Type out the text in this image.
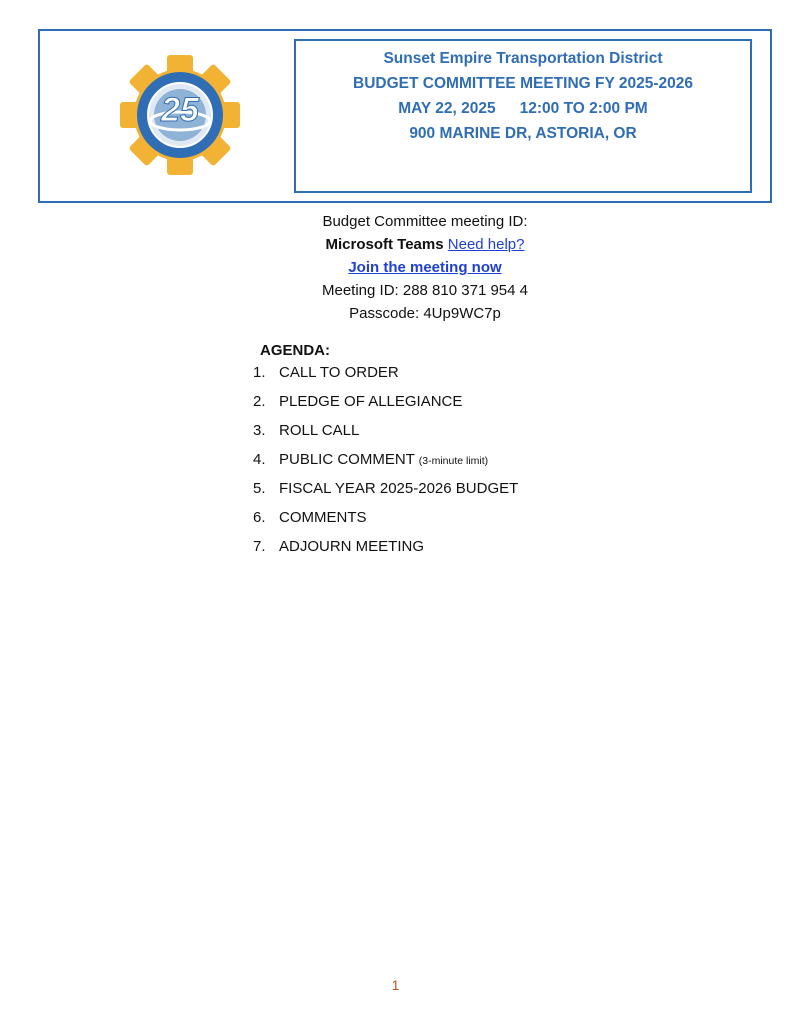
25
Sunset Empire Transportation District
BUDGET COMMITTEE MEETING FY 2025-2026
MAY 22, 2025 12:00 TO 2:00 PM
900 MARINE DR, ASTORIA, OR
Budget Committee meeting ID:
Microsoft Teams Need help?
Join the meeting now
Meeting ID: 288 810 371 954 4
Passcode: 4Up9WC7p
AGENDA:
1. CALL TO ORDER
2. PLEDGE OF ALLEGIANCE
3. ROLL CALL
4. PUBLIC COMMENT (3-minute limit)
5. FISCAL YEAR 2025-2026 BUDGET
6. COMMENTS
7. ADJOURN MEETING
1
